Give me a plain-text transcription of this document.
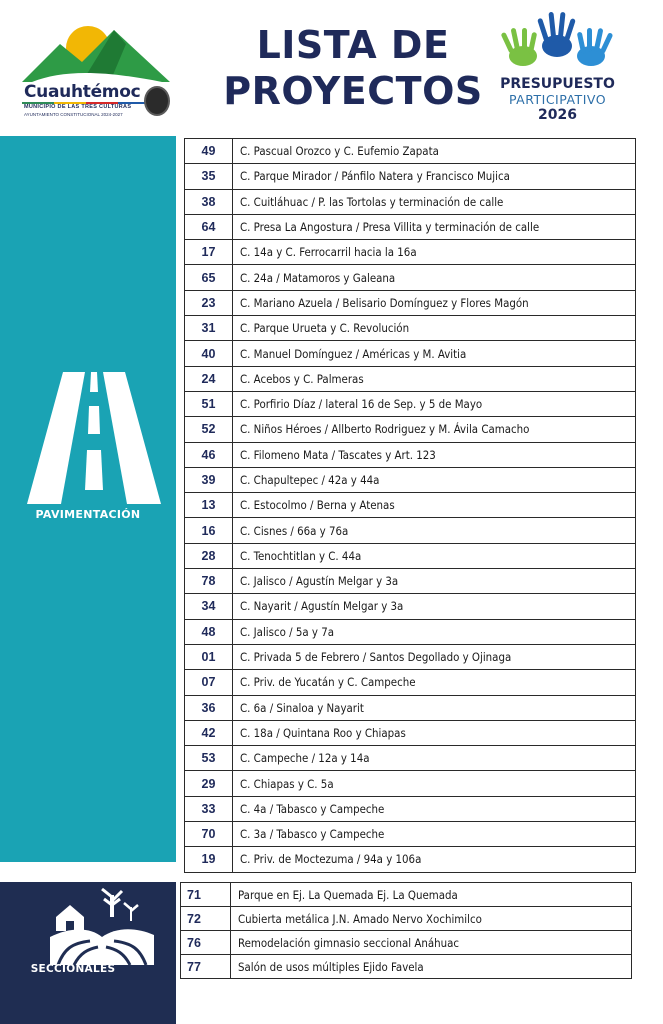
Cuauhtémoc
MUNICIPIO DE LAS TRES CULTURAS
AYUNTAMIENTO CONSTITUCIONAL 2024-2027
LISTA DE
PROYECTOS	PRESUPUESTO
PARTICIPATIVO
2026
PAVIMENTACIÓN
49	C. Pascual Orozco y C. Eufemio Zapata
35	C. Parque Mirador / Pánfilo Natera y Francisco Mujica
38	C. Cuitláhuac / P. las Tortolas y terminación de calle
64	C. Presa La Angostura / Presa Villita y terminación de calle
17	C. 14a y C. Ferrocarril hacia la 16a
65	C. 24a / Matamoros y Galeana
23	C. Mariano Azuela / Belisario Domínguez y Flores Magón
31	C. Parque Urueta y C. Revolución
40	C. Manuel Domínguez / Américas y M. Avitia
24	C. Acebos y C. Palmeras
51	C. Porfirio Díaz / lateral 16 de Sep. y 5 de Mayo
52	C. Niños Héroes / Allberto Rodriguez y M. Ávila Camacho
46	C. Filomeno Mata / Tascates y Art. 123
39	C. Chapultepec / 42a y 44a
13	C. Estocolmo / Berna y Atenas
16	C. Cisnes / 66a y 76a
28	C. Tenochtitlan y C. 44a
78	C. Jalisco / Agustín Melgar y 3a
34	C. Nayarit / Agustín Melgar y 3a
48	C. Jalisco / 5a y 7a
01	C. Privada 5 de Febrero / Santos Degollado y Ojinaga
07	C. Priv. de Yucatán y C. Campeche
36	C. 6a / Sinaloa y Nayarit
42	C. 18a / Quintana Roo y Chiapas
53	C. Campeche / 12a y 14a
29	C. Chiapas y C. 5a
33	C. 4a / Tabasco y Campeche
70	C. 3a / Tabasco y Campeche
19	C. Priv. de Moctezuma / 94a y 106a
SECCIONALES
71	Parque en Ej. La Quemada Ej. La Quemada
72	Cubierta metálica J.N. Amado Nervo Xochimilco
76	Remodelación gimnasio seccional Anáhuac
77	Salón de usos múltiples Ejido Favela
